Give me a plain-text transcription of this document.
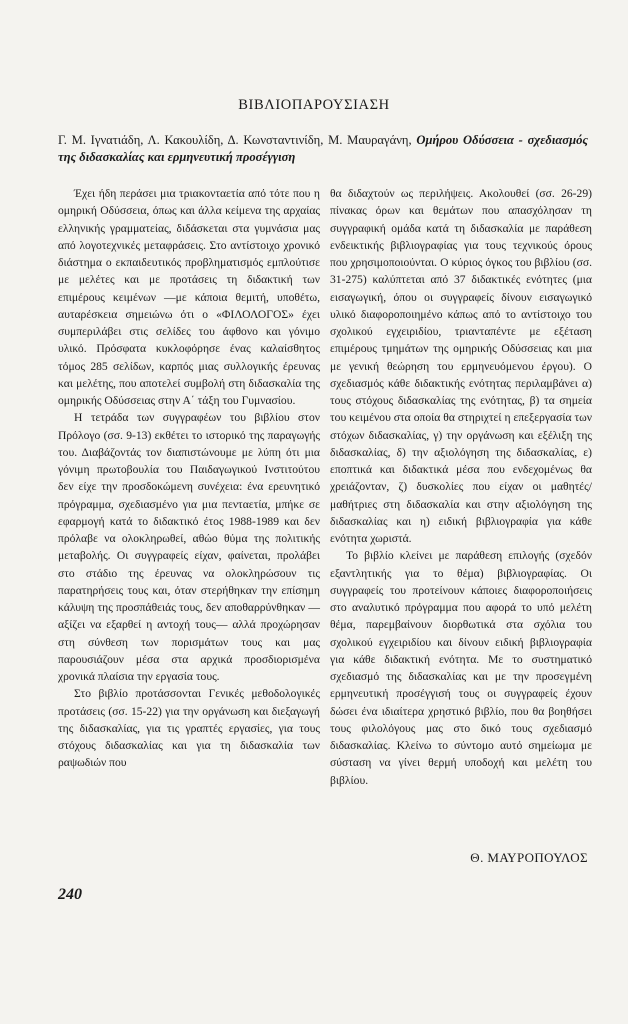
ΒΙΒΛΙΟΠΑΡΟΥΣΙΑΣΗ
Γ. Μ. Ιγνατιάδη, Λ. Κακουλίδη, Δ. Κωνσταντινίδη, Μ. Μαυραγάνη, Ομήρου Οδύσσεια - σχεδιασμός της διδασκαλίας και ερμηνευτική προσέγγιση

Έχει ήδη περάσει μια τριακονταετία από τότε που η ομηρική Οδύσσεια, όπως και άλλα κείμενα της αρχαίας ελληνικής γραμματείας, διδάσκεται στα γυμνάσια μας από λογοτεχνικές μεταφράσεις. Στο αντίστοιχο χρονικό διάστημα ο εκπαιδευτικός προβληματισμός εμπλούτισε με μελέτες και με προτάσεις τη διδακτική των επιμέρους κειμένων —με κάποια θεμιτή, υποθέτω, αυταρέσκεια σημειώνω ότι ο «ΦΙΛΟΛΟΓΟΣ» έχει συμπεριλάβει στις σελίδες του άφθονο και γόνιμο υλικό. Πρόσφατα κυκλοφόρησε ένας καλαίσθητος τόμος 285 σελίδων, καρπός μιας συλλογικής έρευνας και μελέτης, που αποτελεί συμβολή στη διδασκαλία της ομηρικής Οδύσσειας στην Α΄ τάξη του Γυμνασίου.

Η τετράδα των συγγραφέων του βιβλίου στον Πρόλογο (σσ. 9-13) εκθέτει το ιστορικό της παραγωγής του. Διαβάζοντάς τον διαπιστώνουμε με λύπη ότι μια γόνιμη πρωτοβουλία του Παιδαγωγικού Ινστιτούτου δεν είχε την προσδοκώμενη συνέχεια: ένα ερευνητικό πρόγραμμα, σχεδιασμένο για μια πενταετία, μπήκε σε εφαρμογή κατά το διδακτικό έτος 1988-1989 και δεν πρόλαβε να ολοκληρωθεί, αθώο θύμα της πολιτικής μεταβολής. Οι συγγραφείς είχαν, φαίνεται, προλάβει στο στάδιο της έρευνας να ολοκληρώσουν τις παρατηρήσεις τους και, όταν στερήθηκαν την επίσημη κάλυψη της προσπάθειάς τους, δεν αποθαρρύνθηκαν —αξίζει να εξαρθεί η αντοχή τους— αλλά προχώρησαν στη σύνθεση των πορισμάτων τους και μας παρουσιάζουν μέσα στα αρχικά προσδιορισμένα χρονικά πλαίσια την εργασία τους.

Στο βιβλίο προτάσσονται Γενικές μεθοδολογικές προτάσεις (σσ. 15-22) για την οργάνωση και διεξαγωγή της διδασκαλίας, για τις γραπτές εργασίες, για τους στόχους διδασκαλίας και για τη διδασκαλία των ραψωδιών που

θα διδαχτούν ως περιλήψεις. Ακολουθεί (σσ. 26-29) πίνακας όρων και θεμάτων που απασχόλησαν τη συγγραφική ομάδα κατά τη διδασκαλία με παράθεση ενδεικτικής βιβλιογραφίας για τους τεχνικούς όρους που χρησιμοποιούνται. Ο κύριος όγκος του βιβλίου (σσ. 31-275) καλύπτεται από 37 διδακτικές ενότητες (μια εισαγωγική, όπου οι συγγραφείς δίνουν εισαγωγικό υλικό διαφοροποιημένο κάπως από το αντίστοιχο του σχολικού εγχειριδίου, τριανταπέντε με εξέταση επιμέρους τμημάτων της ομηρικής Οδύσσειας και μια με γενική θεώρηση του ερμηνευόμενου έργου). Ο σχεδιασμός κάθε διδακτικής ενότητας περιλαμβάνει α) τους στόχους διδασκαλίας της ενότητας, β) τα σημεία του κειμένου στα οποία θα στηριχτεί η επεξεργασία των στόχων διδασκαλίας, γ) την οργάνωση και εξέλιξη της διδασκαλίας, δ) την αξιολόγηση της διδασκαλίας, ε) εποπτικά και διδακτικά μέσα που ενδεχομένως θα χρειάζονταν, ζ) δυσκολίες που είχαν οι μαθητές/μαθήτριες στη διδασκαλία και στην αξιολόγηση της διδασκαλίας και η) ειδική βιβλιογραφία για κάθε ενότητα χωριστά.

Το βιβλίο κλείνει με παράθεση επιλογής (σχεδόν εξαντλητικής για το θέμα) βιβλιογραφίας. Οι συγγραφείς του προτείνουν κάποιες διαφοροποιήσεις στο αναλυτικό πρόγραμμα που αφορά το υπό μελέτη θέμα, παρεμβαίνουν διορθωτικά στα σχόλια του σχολικού εγχειριδίου και δίνουν ειδική βιβλιογραφία για κάθε διδακτική ενότητα. Με το συστηματικό σχεδιασμό της διδασκαλίας και με την προσεγμένη ερμηνευτική προσέγγισή τους οι συγγραφείς έχουν δώσει ένα ιδιαίτερα χρηστικό βιβλίο, που θα βοηθήσει τους φιλολόγους μας στο δικό τους σχεδιασμό διδασκαλίας. Κλείνω το σύντομο αυτό σημείωμα με σύσταση να γίνει θερμή υποδοχή και μελέτη του βιβλίου.

Θ. ΜΑΥΡΟΠΟΥΛΟΣ
240
